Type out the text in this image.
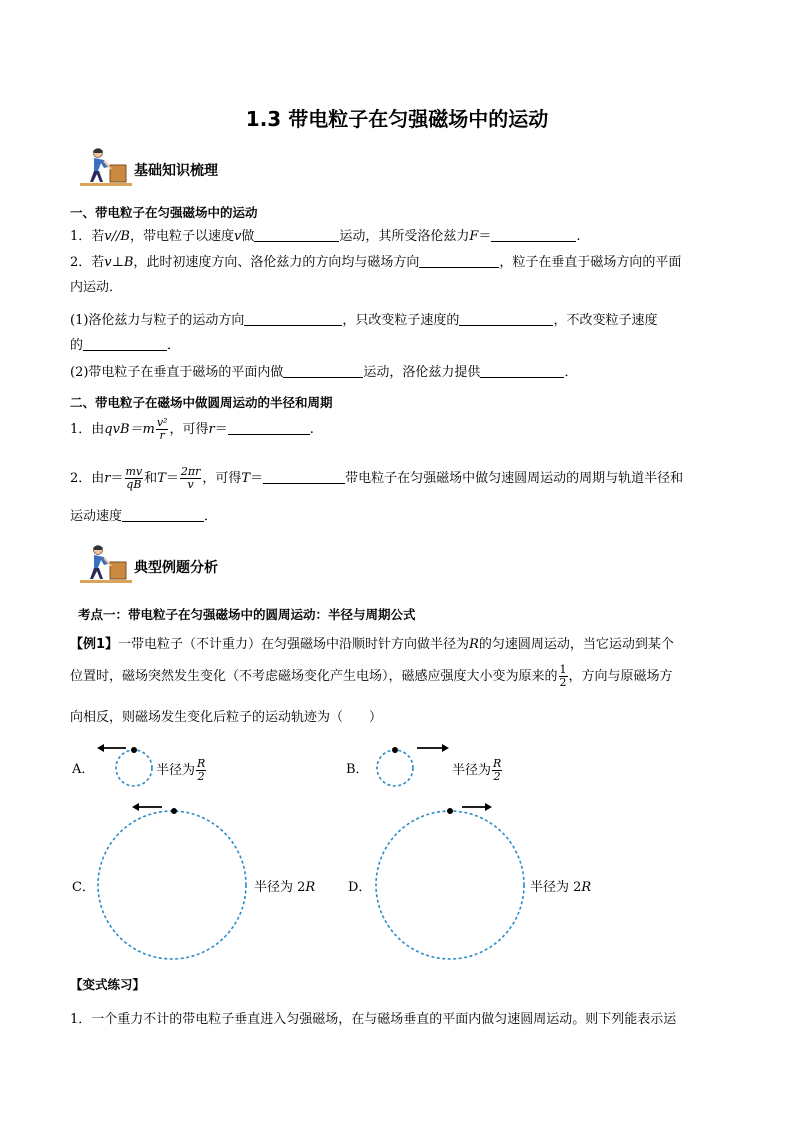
1.3 带电粒子在匀强磁场中的运动
基础知识梳理
一、带电粒子在匀强磁场中的运动
1．若v//B，带电粒子以速度v做	运动，其所受洛伦兹力F＝	.
2．若v⊥B，此时初速度方向、洛伦兹力的方向均与磁场方向	，粒子在垂直于磁场方向的平面
内运动．
(1)洛伦兹力与粒子的运动方向	，只改变粒子速度的	，不改变粒子速度
的	．
(2)带电粒子在垂直于磁场的平面内做	运动，洛伦兹力提供	．
二、带电粒子在磁场中做圆周运动的半径和周期
1．由$qvB=m \frac{\text{v²}}{r}$ ，可得r＝	.
2．由$r= \frac{mv}{qB}$ 和$T= \frac{2\pi r}{v}$ ，可得T＝	带电粒子在匀强磁场中做匀速圆周运动的周期与轨道半径和
运动速度	．
典型例题分析
考点一：带电粒子在匀强磁场中的圆周运动：半径与周期公式
【例1】一带电粒子（不计重力）在匀强磁场中沿顺时针方向做半径为R的匀速圆周运动，当它运动到某个
位置时，磁场突然发生变化（不考虑磁场变化产生电场），磁感应强度大小变为原来的 $\frac{1}{2}$ ，方向与原磁场方
向相反，则磁场发生变化后粒子的运动轨迹为（　　）
A．	半径为 $\frac{R}{2}$	B．	半径为 $\frac{R}{2}$
C．	半径为 2R	D．	半径为 2R
【变式练习】
1．一个重力不计的带电粒子垂直进入匀强磁场，在与磁场垂直的平面内做匀速圆周运动。则下列能表示运
